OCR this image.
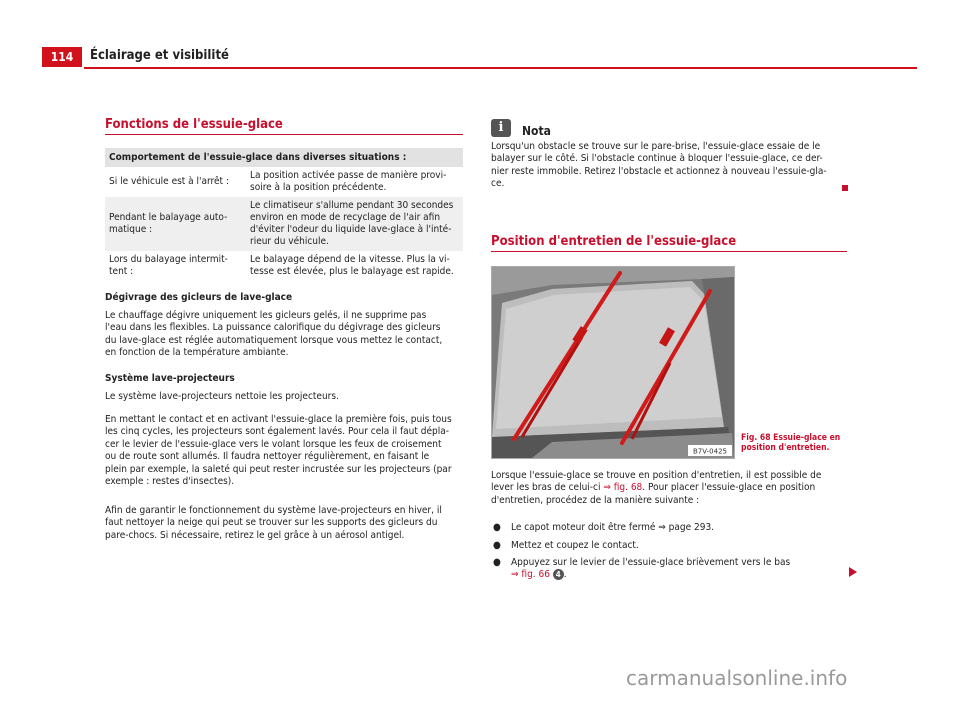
114	Éclairage et visibilité
Fonctions de l'essuie-glace
Comportement de l'essuie-glace dans diverses situations :	
Si le véhicule est à l'arrêt :	La position activée passe de manière provi-
soire à la position précédente.
Pendant le balayage auto-
matique :	Le climatiseur s'allume pendant 30 secondes
environ en mode de recyclage de l'air afin
d'éviter l'odeur du liquide lave-glace à l'inté-
rieur du véhicule.
Lors du balayage intermit-
tent :	Le balayage dépend de la vitesse. Plus la vi-
tesse est élevée, plus le balayage est rapide.
Dégivrage des gicleurs de lave-glace
Le chauffage dégivre uniquement les gicleurs gelés, il ne supprime pas
l'eau dans les flexibles. La puissance calorifique du dégivrage des gicleurs
du lave-glace est réglée automatiquement lorsque vous mettez le contact,
en fonction de la température ambiante.
Système lave-projecteurs
Le système lave-projecteurs nettoie les projecteurs.
En mettant le contact et en activant l'essuie-glace la première fois, puis tous
les cinq cycles, les projecteurs sont également lavés. Pour cela il faut dépla-
cer le levier de l'essuie-glace vers le volant lorsque les feux de croisement
ou de route sont allumés. Il faudra nettoyer régulièrement, en faisant le
plein par exemple, la saleté qui peut rester incrustée sur les projecteurs (par
exemple : restes d'insectes).
Afin de garantir le fonctionnement du système lave-projecteurs en hiver, il
faut nettoyer la neige qui peut se trouver sur les supports des gicleurs du
pare-chocs. Si nécessaire, retirez le gel grâce à un aérosol antigel.
i	Nota
Lorsqu'un obstacle se trouve sur le pare-brise, l'essuie-glace essaie de le
balayer sur le côté. Si l'obstacle continue à bloquer l'essuie-glace, ce der-
nier reste immobile. Retirez l'obstacle et actionnez à nouveau l'essuie-gla-
ce.
Position d'entretien de l'essuie-glace
B7V-0425
Fig. 68 Essuie-glace en
position d'entretien.
Lorsque l'essuie-glace se trouve en position d'entretien, il est possible de
lever les bras de celui-ci ⇒ fig. 68. Pour placer l'essuie-glace en position
d'entretien, procédez de la manière suivante :
● Le capot moteur doit être fermé ⇒ page 293.
● Mettez et coupez le contact.
● Appuyez sur le levier de l'essuie-glace brièvement vers le bas
⇒ fig. 66 4 .
carmanualsonline.info
